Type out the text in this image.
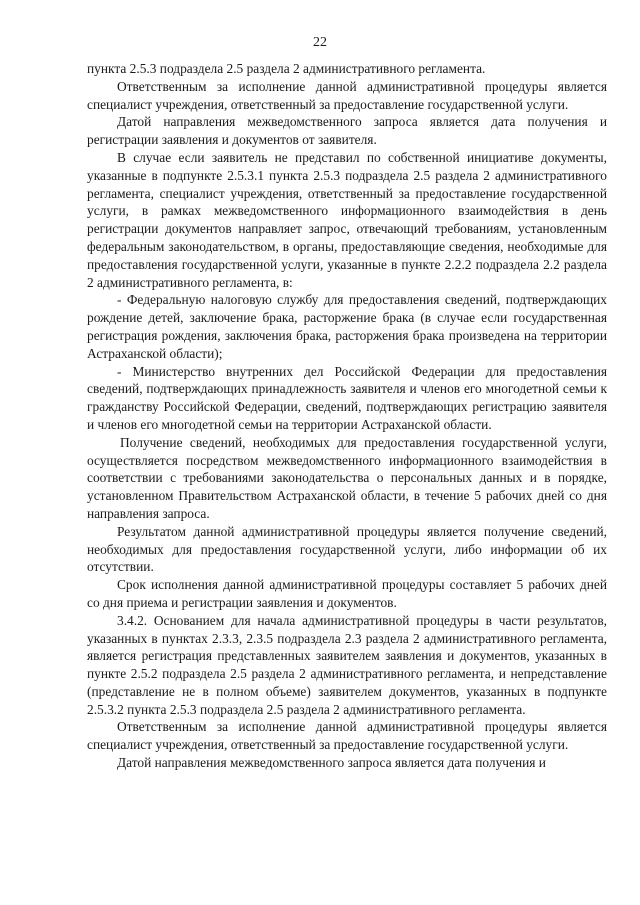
22

пункта 2.5.3 подраздела 2.5 раздела 2 административного регламента.

Ответственным за исполнение данной административной процедуры является специалист учреждения, ответственный за предоставление государственной услуги.

Датой направления межведомственного запроса является дата получения и регистрации заявления и документов от заявителя.

В случае если заявитель не представил по собственной инициативе документы, указанные в подпункте 2.5.3.1 пункта 2.5.3 подраздела 2.5 раздела 2 административного регламента, специалист учреждения, ответственный за предоставление государственной услуги, в рамках межведомственного информационного взаимодействия в день регистрации документов направляет запрос, отвечающий требованиям, установленным федеральным законодательством, в органы, предоставляющие сведения, необходимые для предоставления государственной услуги, указанные в пункте 2.2.2 подраздела 2.2 раздела 2 административного регламента, в:

- Федеральную налоговую службу для предоставления сведений, подтверждающих рождение детей, заключение брака, расторжение брака (в случае если государственная регистрация рождения, заключения брака, расторжения брака произведена на территории Астраханской области);

- Министерство внутренних дел Российской Федерации для предоставления сведений, подтверждающих принадлежность заявителя и членов его многодетной семьи к гражданству Российской Федерации, сведений, подтверждающих регистрацию заявителя и членов его многодетной семьи на территории Астраханской области.

Получение сведений, необходимых для предоставления государственной услуги, осуществляется посредством межведомственного информационного взаимодействия в соответствии с требованиями законодательства о персональных данных и в порядке, установленном Правительством Астраханской области, в течение 5 рабочих дней со дня направления запроса.

Результатом данной административной процедуры является получение сведений, необходимых для предоставления государственной услуги, либо информации об их отсутствии.

Срок исполнения данной административной процедуры составляет 5 рабочих дней со дня приема и регистрации заявления и документов.

3.4.2. Основанием для начала административной процедуры в части результатов, указанных в пунктах 2.3.3, 2.3.5 подраздела 2.3 раздела 2 административного регламента, является регистрация представленных заявителем заявления и документов, указанных в пункте 2.5.2 подраздела 2.5 раздела 2 административного регламента, и непредставление (представление не в полном объеме) заявителем документов, указанных в подпункте 2.5.3.2 пункта 2.5.3 подраздела 2.5 раздела 2 административного регламента.

Ответственным за исполнение данной административной процедуры является специалист учреждения, ответственный за предоставление государственной услуги.

Датой направления межведомственного запроса является дата получения и
